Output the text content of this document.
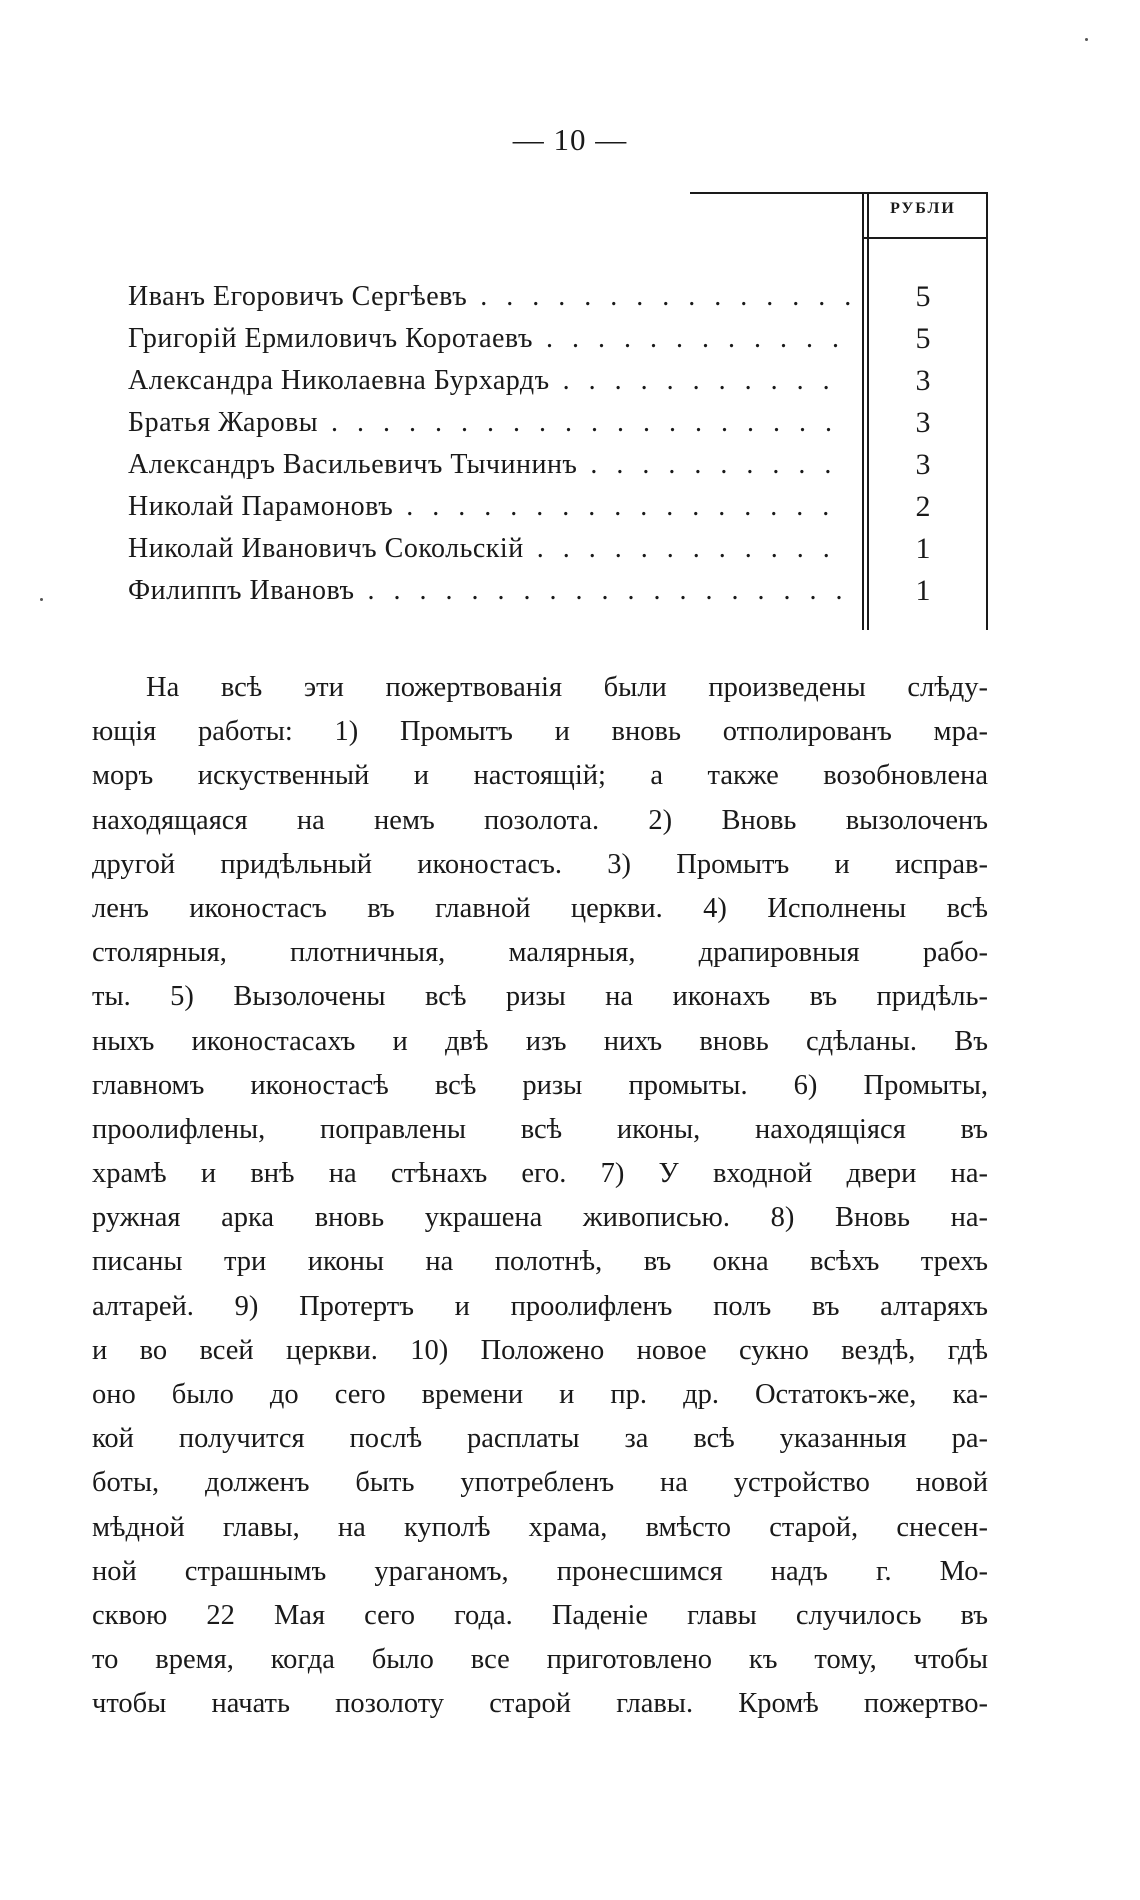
— 10 —
РУБЛИ
Иванъ Егоровичъ Сергѣевъ . . .	5
Григорій Ермиловичъ Коротаевъ . . .	5
Александра Николаевна Бурхардъ . . .	3
Братья Жаровы . . .	3
Александръ Васильевичъ Тычининъ . . .	3
Николай Парамоновъ . . .	2
Николай Ивановичъ Сокольскій . . .	1
Филиппъ Ивановъ . . .	1
На всѣ эти пожертвованія были произведены слѣду-
ющія работы: 1) Промытъ и вновь отполированъ мра-
моръ искуственный и настоящій; а также возобновлена
находящаяся на немъ позолота. 2) Вновь вызолоченъ
другой придѣльный иконостасъ. 3) Промытъ и исправ-
ленъ иконостасъ въ главной церкви. 4) Исполнены всѣ
столярныя, плотничныя, малярныя, драпировныя рабо-
ты. 5) Вызолочены всѣ ризы на иконахъ въ придѣль-
ныхъ иконостасахъ и двѣ изъ нихъ вновь сдѣланы. Въ
главномъ иконостасѣ всѣ ризы промыты. 6) Промыты,
проолифлены, поправлены всѣ иконы, находящіяся въ
храмѣ и внѣ на стѣнахъ его. 7) У входной двери на-
ружная арка вновь украшена живописью. 8) Вновь на-
писаны три иконы на полотнѣ, въ окна всѣхъ трехъ
алтарей. 9) Протертъ и проолифленъ полъ въ алтаряхъ
и во всей церкви. 10) Положено новое сукно вездѣ, гдѣ
оно было до сего времени и пр. др. Остатокъ-же, ка-
кой получится послѣ расплаты за всѣ указанныя ра-
боты, долженъ быть употребленъ на устройство новой
мѣдной главы, на куполѣ храма, вмѣсто старой, снесен-
ной страшнымъ ураганомъ, пронесшимся надъ г. Мо-
сквою 22 Мая сего года. Паденіе главы случилось въ
то время, когда было все приготовлено къ тому, чтобы
чтобы начать позолоту старой главы. Кромѣ пожертво-
